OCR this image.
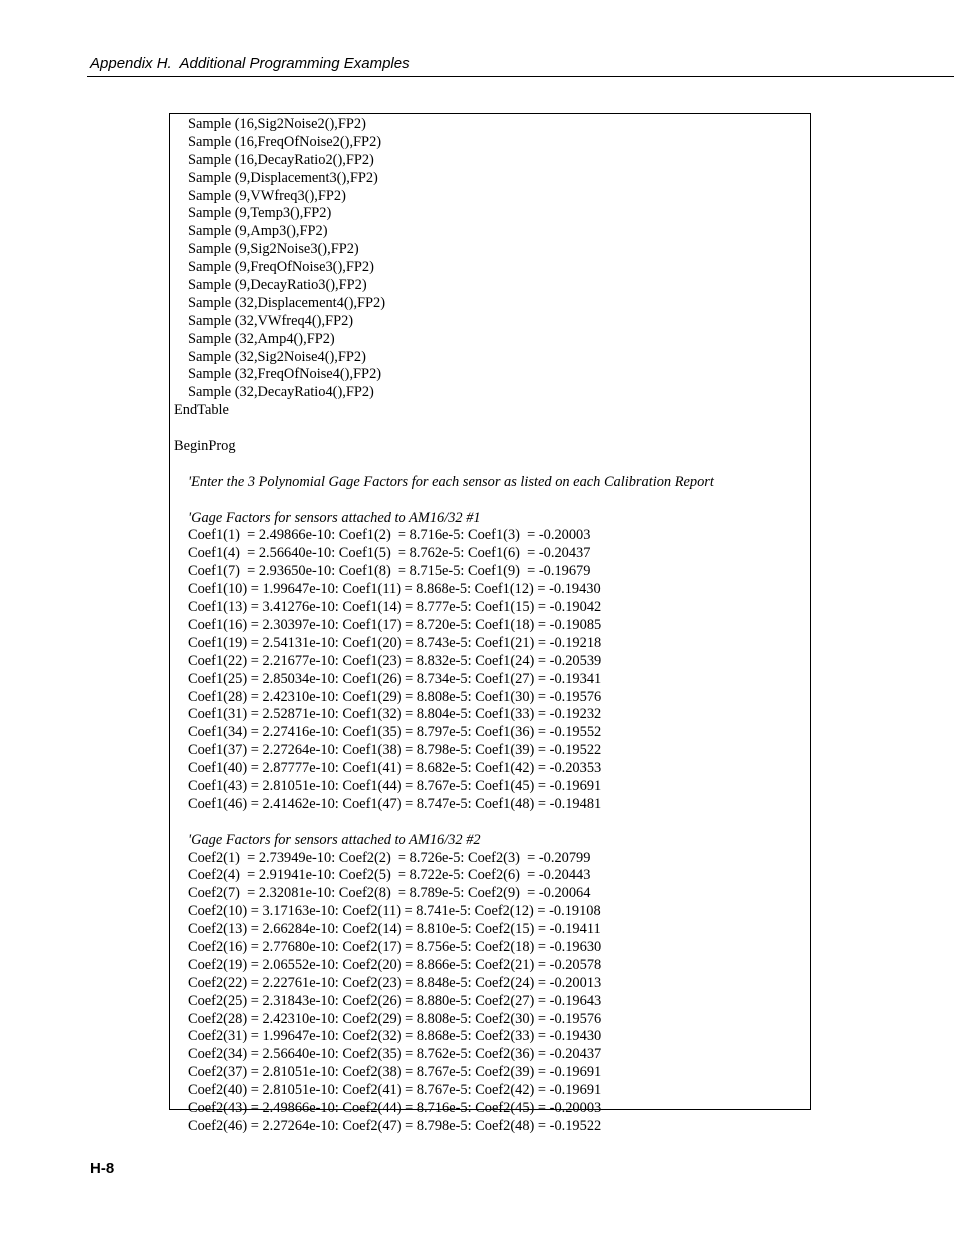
Appendix H.  Additional Programming Examples
Sample (16,Sig2Noise2(),FP2)
Sample (16,FreqOfNoise2(),FP2)
Sample (16,DecayRatio2(),FP2)
Sample (9,Displacement3(),FP2)
Sample (9,VWfreq3(),FP2)
Sample (9,Temp3(),FP2)
Sample (9,Amp3(),FP2)
Sample (9,Sig2Noise3(),FP2)
Sample (9,FreqOfNoise3(),FP2)
Sample (9,DecayRatio3(),FP2)
Sample (32,Displacement4(),FP2)
Sample (32,VWfreq4(),FP2)
Sample (32,Amp4(),FP2)
Sample (32,Sig2Noise4(),FP2)
Sample (32,FreqOfNoise4(),FP2)
Sample (32,DecayRatio4(),FP2)
EndTable
BeginProg
'Enter the 3 Polynomial Gage Factors for each sensor as listed on each Calibration Report
'Gage Factors for sensors attached to AM16/32 #1
Coef1(1)  = 2.49866e-10: Coef1(2)  = 8.716e-5: Coef1(3)  = -0.20003
Coef1(4)  = 2.56640e-10: Coef1(5)  = 8.762e-5: Coef1(6)  = -0.20437
Coef1(7)  = 2.93650e-10: Coef1(8)  = 8.715e-5: Coef1(9)  = -0.19679
Coef1(10) = 1.99647e-10: Coef1(11) = 8.868e-5: Coef1(12) = -0.19430
Coef1(13) = 3.41276e-10: Coef1(14) = 8.777e-5: Coef1(15) = -0.19042
Coef1(16) = 2.30397e-10: Coef1(17) = 8.720e-5: Coef1(18) = -0.19085
Coef1(19) = 2.54131e-10: Coef1(20) = 8.743e-5: Coef1(21) = -0.19218
Coef1(22) = 2.21677e-10: Coef1(23) = 8.832e-5: Coef1(24) = -0.20539
Coef1(25) = 2.85034e-10: Coef1(26) = 8.734e-5: Coef1(27) = -0.19341
Coef1(28) = 2.42310e-10: Coef1(29) = 8.808e-5: Coef1(30) = -0.19576
Coef1(31) = 2.52871e-10: Coef1(32) = 8.804e-5: Coef1(33) = -0.19232
Coef1(34) = 2.27416e-10: Coef1(35) = 8.797e-5: Coef1(36) = -0.19552
Coef1(37) = 2.27264e-10: Coef1(38) = 8.798e-5: Coef1(39) = -0.19522
Coef1(40) = 2.87777e-10: Coef1(41) = 8.682e-5: Coef1(42) = -0.20353
Coef1(43) = 2.81051e-10: Coef1(44) = 8.767e-5: Coef1(45) = -0.19691
Coef1(46) = 2.41462e-10: Coef1(47) = 8.747e-5: Coef1(48) = -0.19481
'Gage Factors for sensors attached to AM16/32 #2
Coef2(1)  = 2.73949e-10: Coef2(2)  = 8.726e-5: Coef2(3)  = -0.20799
Coef2(4)  = 2.91941e-10: Coef2(5)  = 8.722e-5: Coef2(6)  = -0.20443
Coef2(7)  = 2.32081e-10: Coef2(8)  = 8.789e-5: Coef2(9)  = -0.20064
Coef2(10) = 3.17163e-10: Coef2(11) = 8.741e-5: Coef2(12) = -0.19108
Coef2(13) = 2.66284e-10: Coef2(14) = 8.810e-5: Coef2(15) = -0.19411
Coef2(16) = 2.77680e-10: Coef2(17) = 8.756e-5: Coef2(18) = -0.19630
Coef2(19) = 2.06552e-10: Coef2(20) = 8.866e-5: Coef2(21) = -0.20578
Coef2(22) = 2.22761e-10: Coef2(23) = 8.848e-5: Coef2(24) = -0.20013
Coef2(25) = 2.31843e-10: Coef2(26) = 8.880e-5: Coef2(27) = -0.19643
Coef2(28) = 2.42310e-10: Coef2(29) = 8.808e-5: Coef2(30) = -0.19576
Coef2(31) = 1.99647e-10: Coef2(32) = 8.868e-5: Coef2(33) = -0.19430
Coef2(34) = 2.56640e-10: Coef2(35) = 8.762e-5: Coef2(36) = -0.20437
Coef2(37) = 2.81051e-10: Coef2(38) = 8.767e-5: Coef2(39) = -0.19691
Coef2(40) = 2.81051e-10: Coef2(41) = 8.767e-5: Coef2(42) = -0.19691
Coef2(43) = 2.49866e-10: Coef2(44) = 8.716e-5: Coef2(45) = -0.20003
Coef2(46) = 2.27264e-10: Coef2(47) = 8.798e-5: Coef2(48) = -0.19522
H-8
